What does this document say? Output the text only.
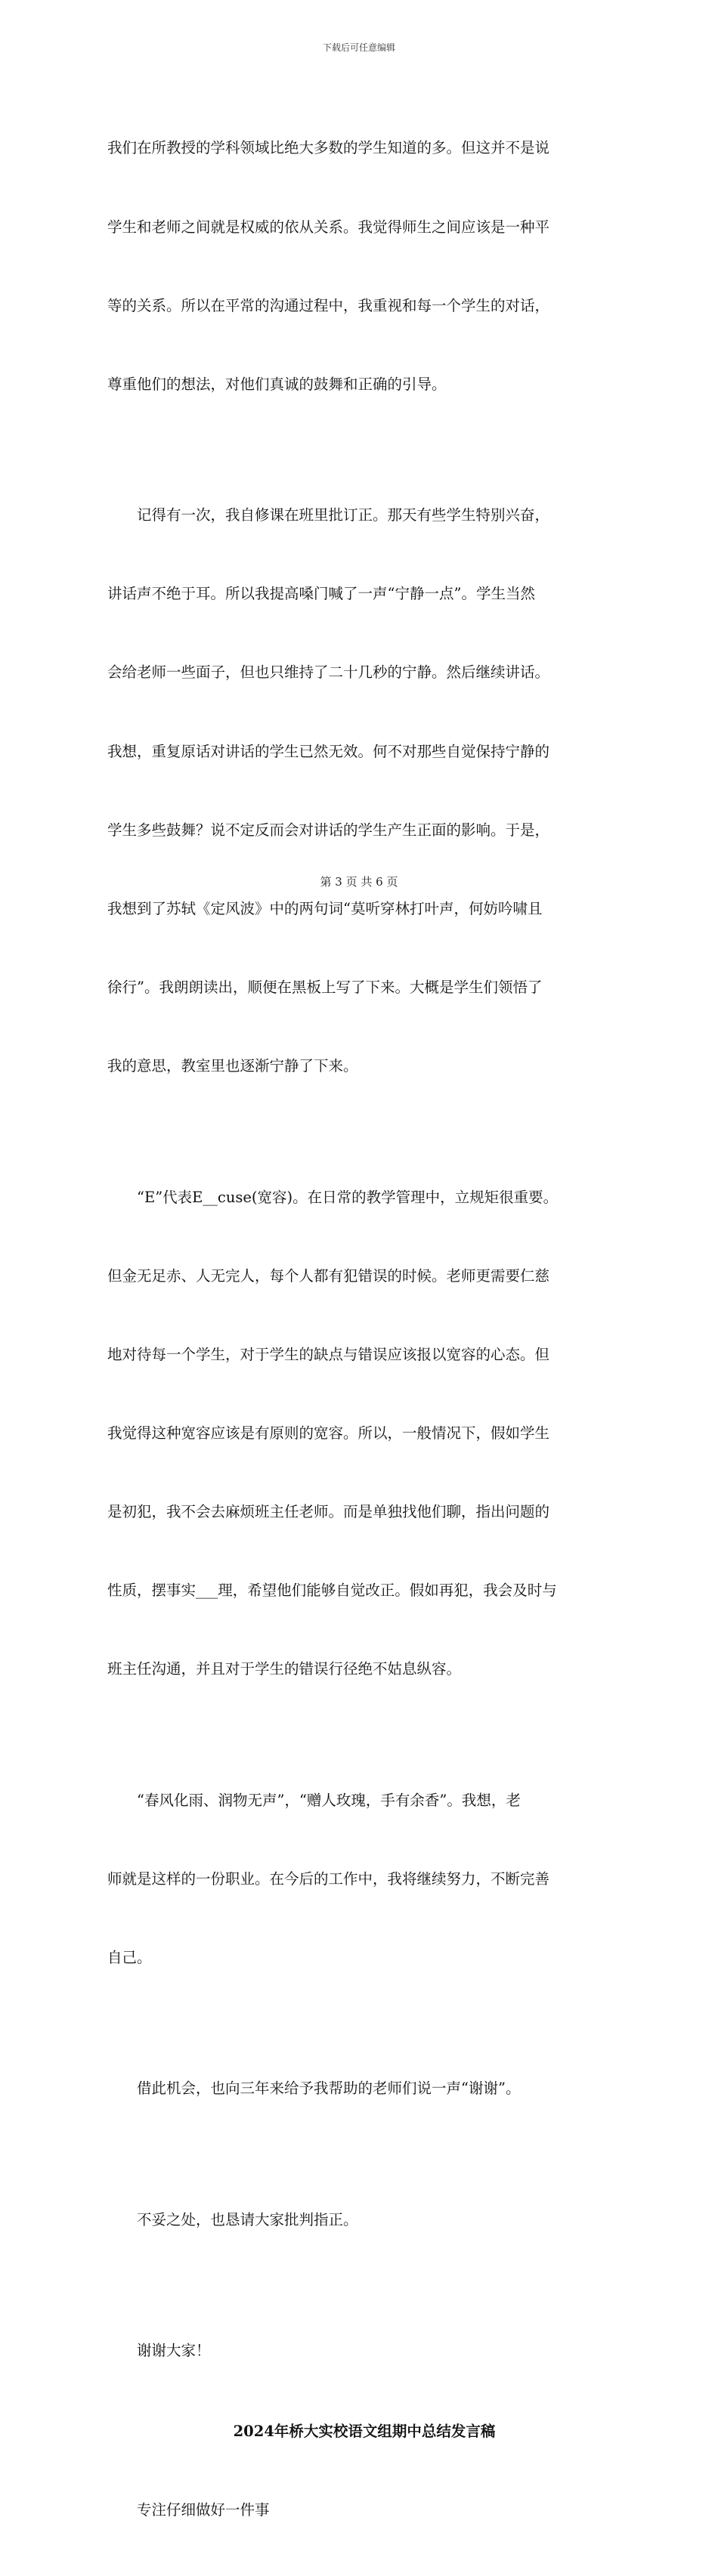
下载后可任意编辑

我们在所教授的学科领域比绝大多数的学生知道的多。但这并不是说

学生和老师之间就是权威的依从关系。我觉得师生之间应该是一种平

等的关系。所以在平常的沟通过程中，我重视和每一个学生的对话，

尊重他们的想法，对他们真诚的鼓舞和正确的引导。

记得有一次，我自修课在班里批订正。那天有些学生特别兴奋，

讲话声不绝于耳。所以我提高嗓门喊了一声“宁静一点”。学生当然

会给老师一些面子，但也只维持了二十几秒的宁静。然后继续讲话。

我想，重复原话对讲话的学生已然无效。何不对那些自觉保持宁静的

学生多些鼓舞？说不定反而会对讲话的学生产生正面的影响。于是，

我想到了苏轼《定风波》中的两句词“莫听穿林打叶声，何妨吟啸且

徐行”。我朗朗读出，顺便在黑板上写了下来。大概是学生们领悟了

我的意思，教室里也逐渐宁静了下来。

“E”代表E__cuse(宽容)。在日常的教学管理中，立规矩很重要。

但金无足赤、人无完人，每个人都有犯错误的时候。老师更需要仁慈

地对待每一个学生，对于学生的缺点与错误应该报以宽容的心态。但

我觉得这种宽容应该是有原则的宽容。所以，一般情况下，假如学生

是初犯，我不会去麻烦班主任老师。而是单独找他们聊，指出问题的

性质，摆事实___理，希望他们能够自觉改正。假如再犯，我会及时与

班主任沟通，并且对于学生的错误行径绝不姑息纵容。

“春风化雨、润物无声”，“赠人玫瑰，手有余香”。我想，老

师就是这样的一份职业。在今后的工作中，我将继续努力，不断完善

自己。

借此机会，也向三年来给予我帮助的老师们说一声“谢谢”。

不妥之处，也恳请大家批判指正。

谢谢大家！

2024年桥大实校语文组期中总结发言稿

专注仔细做好一件事

第 3 页 共 6 页
